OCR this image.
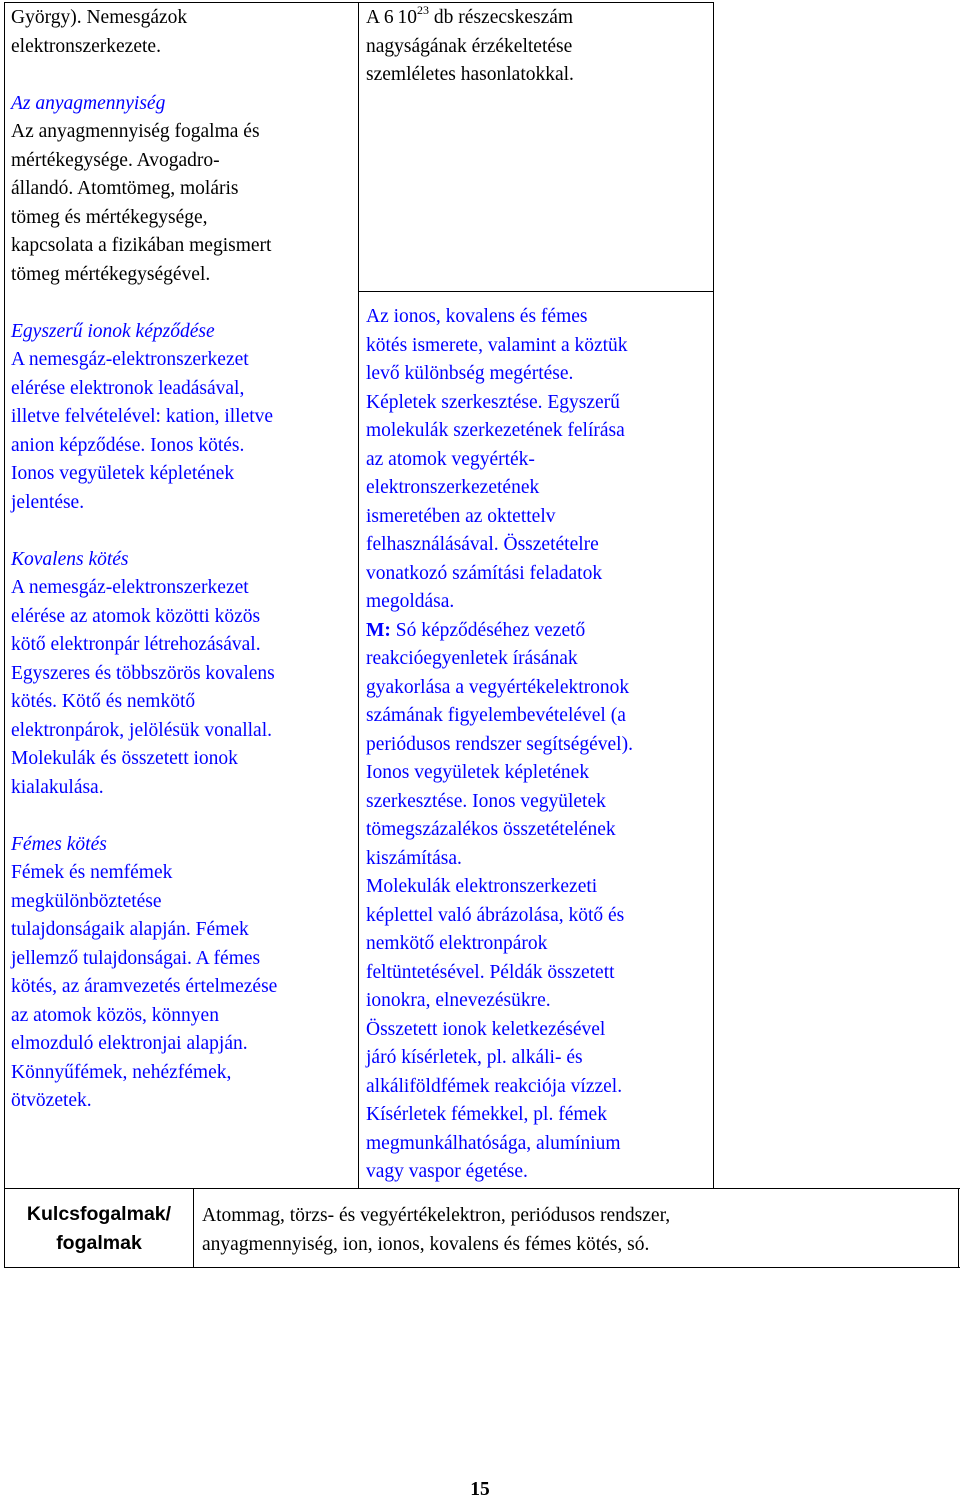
György). Nemesgázok
elektronszerkezete.
Az anyagmennyiség
Az anyagmennyiség fogalma és
mértékegysége. Avogadro-
állandó. Atomtömeg, moláris
tömeg és mértékegysége,
kapcsolata a fizikában megismert
tömeg mértékegységével.
Egyszerű ionok képződése
A nemesgáz-elektronszerkezet
elérése elektronok leadásával,
illetve felvételével: kation, illetve
anion képződése. Ionos kötés.
Ionos vegyületek képletének
jelentése.
Kovalens kötés
A nemesgáz-elektronszerkezet
elérése az atomok közötti közös
kötő elektronpár létrehozásával.
Egyszeres és többszörös kovalens
kötés. Kötő és nemkötő
elektronpárok, jelölésük vonallal.
Molekulák és összetett ionok
kialakulása.
Fémes kötés
Fémek és nemfémek
megkülönböztetése
tulajdonságaik alapján. Fémek
jellemző tulajdonságai. A fémes
kötés, az áramvezetés értelmezése
az atomok közös, könnyen
elmozduló elektronjai alapján.
Könnyűfémek, nehézfémek,
ötvözetek.
A 6  $10^{23}$ db részecskeszám
nagyságának érzékeltetése
szemléletes hasonlatokkal.
Az ionos, kovalens és fémes
kötés ismerete, valamint a köztük
levő különbség megértése.
Képletek szerkesztése. Egyszerű
molekulák szerkezetének felírása
az atomok vegyérték-
elektronszerkezetének
ismeretében az oktettelv
felhasználásával. Összetételre
vonatkozó számítási feladatok
megoldása.
M: Só képződéséhez vezető
reakcióegyenletek írásának
gyakorlása a vegyértékelektronok
számának figyelembevételével (a
periódusos rendszer segítségével).
Ionos vegyületek képletének
szerkesztése. Ionos vegyületek
tömegszázalékos összetételének
kiszámítása.
Molekulák elektronszerkezeti
képlettel való ábrázolása, kötő és
nemkötő elektronpárok
feltüntetésével. Példák összetett
ionokra, elnevezésükre.
Összetett ionok keletkezésével
járó kísérletek, pl. alkáli- és
alkáliföldfémek reakciója vízzel.
Kísérletek fémekkel, pl. fémek
megmunkálhatósága, alumínium
vagy vaspor égetése.
Kulcsfogalmak/
fogalmak
Atommag, törzs- és vegyértékelektron, periódusos rendszer,
anyagmennyiség, ion, ionos, kovalens és fémes kötés, só.
15
